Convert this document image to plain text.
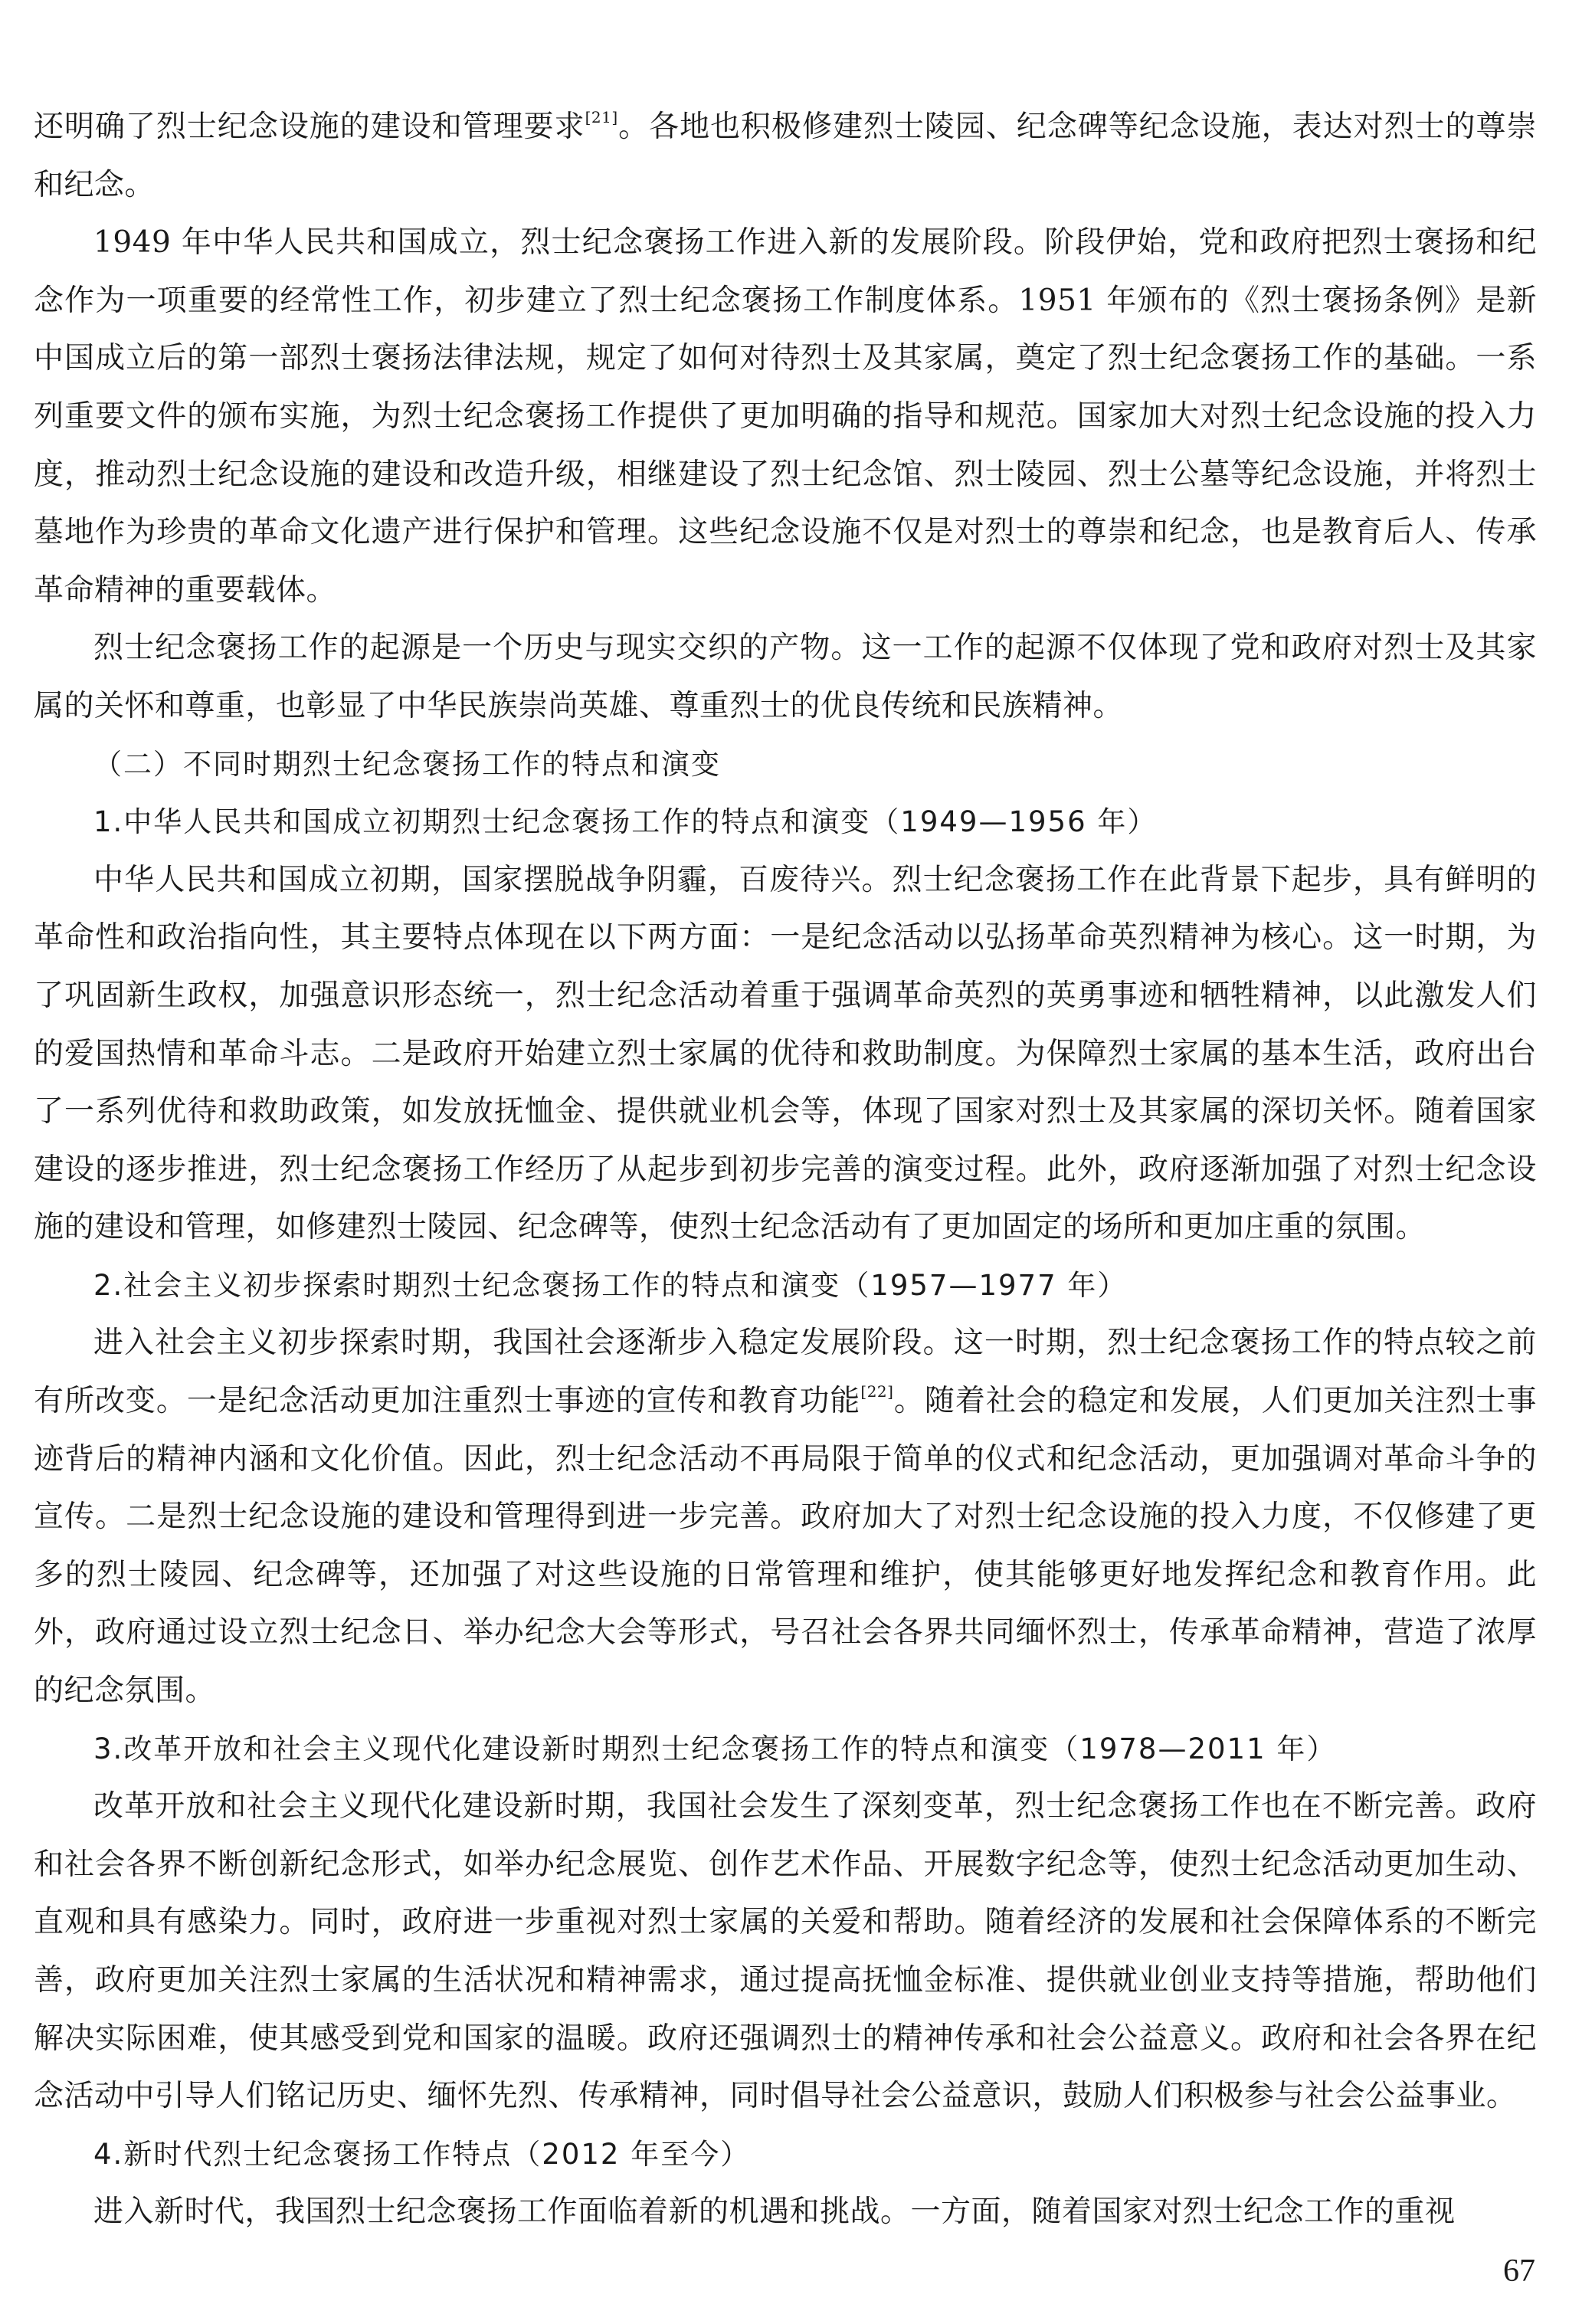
还明确了烈士纪念设施的建设和管理要求[21]。各地也积极修建烈士陵园、纪念碑等纪念设施，表达对烈士的尊崇和纪念。

1949 年中华人民共和国成立，烈士纪念褒扬工作进入新的发展阶段。阶段伊始，党和政府把烈士褒扬和纪念作为一项重要的经常性工作，初步建立了烈士纪念褒扬工作制度体系。1951 年颁布的《烈士褒扬条例》是新中国成立后的第一部烈士褒扬法律法规，规定了如何对待烈士及其家属，奠定了烈士纪念褒扬工作的基础。一系列重要文件的颁布实施，为烈士纪念褒扬工作提供了更加明确的指导和规范。国家加大对烈士纪念设施的投入力度，推动烈士纪念设施的建设和改造升级，相继建设了烈士纪念馆、烈士陵园、烈士公墓等纪念设施，并将烈士墓地作为珍贵的革命文化遗产进行保护和管理。这些纪念设施不仅是对烈士的尊崇和纪念，也是教育后人、传承革命精神的重要载体。

烈士纪念褒扬工作的起源是一个历史与现实交织的产物。这一工作的起源不仅体现了党和政府对烈士及其家属的关怀和尊重，也彰显了中华民族崇尚英雄、尊重烈士的优良传统和民族精神。

（二）不同时期烈士纪念褒扬工作的特点和演变

1.中华人民共和国成立初期烈士纪念褒扬工作的特点和演变（1949—1956 年）

中华人民共和国成立初期，国家摆脱战争阴霾，百废待兴。烈士纪念褒扬工作在此背景下起步，具有鲜明的革命性和政治指向性，其主要特点体现在以下两方面：一是纪念活动以弘扬革命英烈精神为核心。这一时期，为了巩固新生政权，加强意识形态统一，烈士纪念活动着重于强调革命英烈的英勇事迹和牺牲精神，以此激发人们的爱国热情和革命斗志。二是政府开始建立烈士家属的优待和救助制度。为保障烈士家属的基本生活，政府出台了一系列优待和救助政策，如发放抚恤金、提供就业机会等，体现了国家对烈士及其家属的深切关怀。随着国家建设的逐步推进，烈士纪念褒扬工作经历了从起步到初步完善的演变过程。此外，政府逐渐加强了对烈士纪念设施的建设和管理，如修建烈士陵园、纪念碑等，使烈士纪念活动有了更加固定的场所和更加庄重的氛围。

2.社会主义初步探索时期烈士纪念褒扬工作的特点和演变（1957—1977 年）

进入社会主义初步探索时期，我国社会逐渐步入稳定发展阶段。这一时期，烈士纪念褒扬工作的特点较之前有所改变。一是纪念活动更加注重烈士事迹的宣传和教育功能[22]。随着社会的稳定和发展，人们更加关注烈士事迹背后的精神内涵和文化价值。因此，烈士纪念活动不再局限于简单的仪式和纪念活动，更加强调对革命斗争的宣传。二是烈士纪念设施的建设和管理得到进一步完善。政府加大了对烈士纪念设施的投入力度，不仅修建了更多的烈士陵园、纪念碑等，还加强了对这些设施的日常管理和维护，使其能够更好地发挥纪念和教育作用。此外，政府通过设立烈士纪念日、举办纪念大会等形式，号召社会各界共同缅怀烈士，传承革命精神，营造了浓厚的纪念氛围。

3.改革开放和社会主义现代化建设新时期烈士纪念褒扬工作的特点和演变（1978—2011 年）

改革开放和社会主义现代化建设新时期，我国社会发生了深刻变革，烈士纪念褒扬工作也在不断完善。政府和社会各界不断创新纪念形式，如举办纪念展览、创作艺术作品、开展数字纪念等，使烈士纪念活动更加生动、直观和具有感染力。同时，政府进一步重视对烈士家属的关爱和帮助。随着经济的发展和社会保障体系的不断完善，政府更加关注烈士家属的生活状况和精神需求，通过提高抚恤金标准、提供就业创业支持等措施，帮助他们解决实际困难，使其感受到党和国家的温暖。政府还强调烈士的精神传承和社会公益意义。政府和社会各界在纪念活动中引导人们铭记历史、缅怀先烈、传承精神，同时倡导社会公益意识，鼓励人们积极参与社会公益事业。

4.新时代烈士纪念褒扬工作特点（2012 年至今）

进入新时代，我国烈士纪念褒扬工作面临着新的机遇和挑战。一方面，随着国家对烈士纪念工作的重视

67
